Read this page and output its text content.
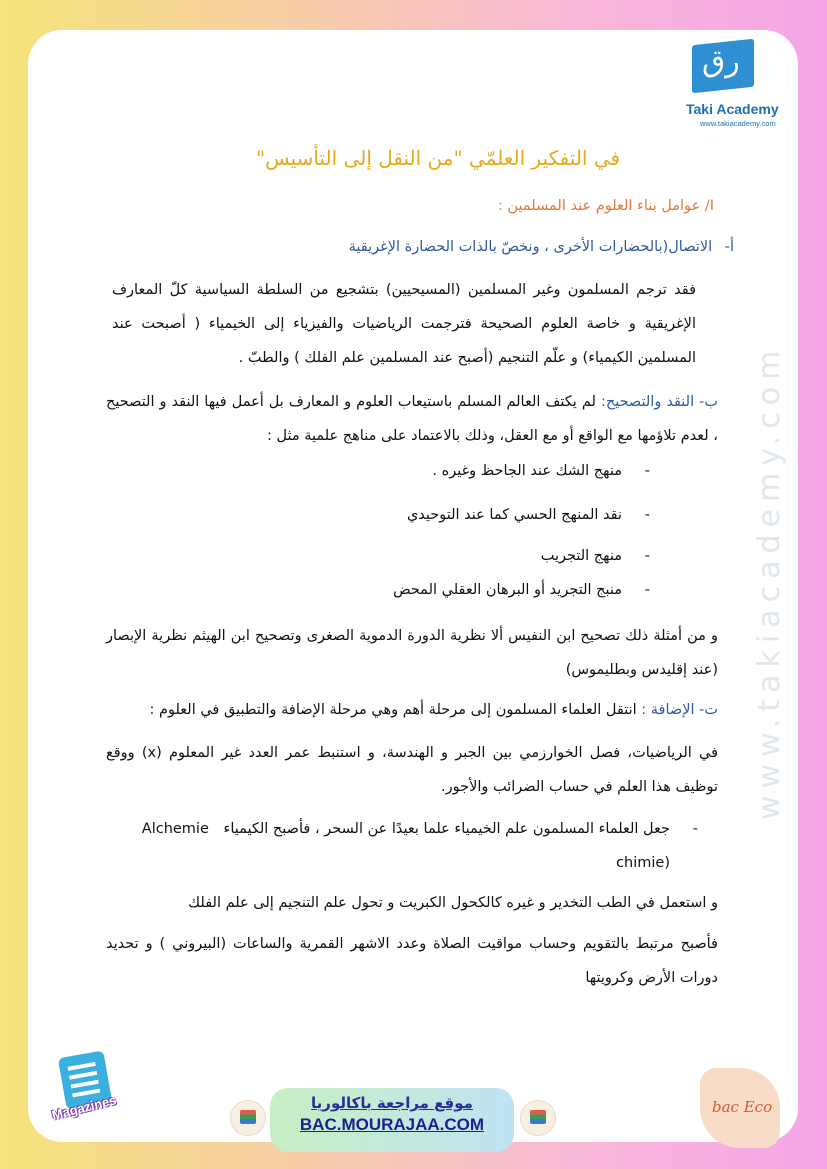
في التفكير العلمّي "من النقل إلى التأسيس"
I/ عوامل بناء العلوم عند المسلمين :
أ- الاتصال(بالحضارات الأخرى ، ونخصّ بالذات الحضارة الإغريقية
فقد ترجم المسلمون وغير المسلمين (المسيحيين) بتشجيع من السلطة السياسية كلّ المعارف الإغريقية و خاصة العلوم الصحيحة فترجمت الرياضيات والفيزياء إلى الخيمياء ( أصبحت عند المسلمين الكيمياء) و علّم التنجيم (أصبح عند المسلمين علم الفلك ) والطبّ .
ب- النقد والتصحيح: لم يكتف العالم المسلم باستيعاب العلوم و المعارف بل أعمل فيها النقد و التصحيح ، لعدم تلاؤمها مع الواقع أو مع العقل، وذلك بالاعتماد على مناهج علمية مثل :
-منهج الشك عند الجاحظ وغيره .
-نقد المنهج الحسي كما عند التوحيدي
-منهج التجريب
-منبج التجريد أو البرهان العقلي المحض
و من أمثلة ذلك تصحيح ابن النفيس ألا نظرية الدورة الدموية الصغرى وتصحيح ابن الهيثم نظرية الإبصار (عند إقليدس وبطليموس)
ت- الإضافة : انتقل العلماء المسلمون إلى مرحلة أهم وهي مرحلة الإضافة والتطبيق في العلوم :
في الرياضيات، فصل الخوارزمي بين الجبر و الهندسة، و استنبط عمر العدد غير المعلوم (x) ووقع توظيف هذا العلم في حساب الضرائب والأجور.
-جعل العلماء المسلمون علم الخيمياء علما بعيدًا عن السحر ، فأصبح الكيمياء Alchemie
(chimie
و استعمل في الطب التخدير و غيره كالكحول الكبريت و تحول علم التنجيم إلى علم الفلك
فأصبح مرتبط بالتقويم وحساب مواقيت الصلاة وعدد الاشهر القمرية والساعات (البيروني ) و تحديد دورات الأرض وكرويتها
رق
Taki Academy
www.takiacademy.com
www.takiacademy.com
Magazines	موقع مراجعة باكالوريا
BAC.MOURAJAA.COM
bac Eco
